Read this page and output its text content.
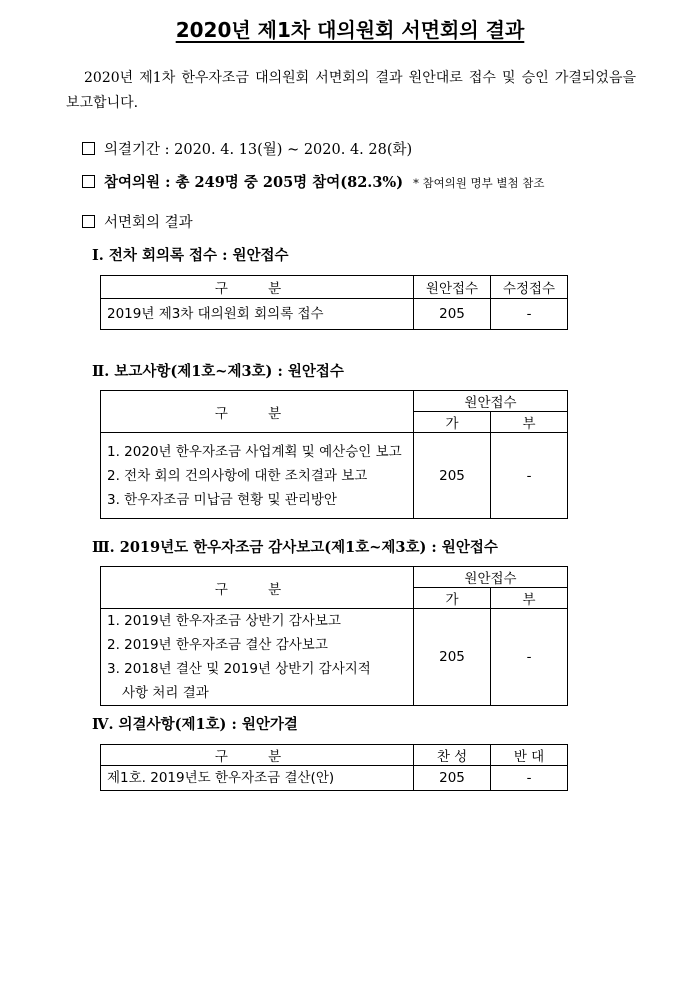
2020년 제1차 대의원회 서면회의 결과
2020년 제1차 한우자조금 대의원회 서면회의 결과 원안대로 접수 및 승인 가결되었음을 보고합니다.
의결기간 : 2020. 4. 13(월) ~ 2020. 4. 28(화)
참여의원 : 총 249명 중 205명 참여(82.3%) * 참여의원 명부 별첨 참조
서면회의 결과
Ⅰ. 전차 회의록 접수 : 원안접수
구 분	원안접수	수정접수

2019년 제3차 대의원회 회의록 접수	205	-
Ⅱ. 보고사항(제1호~제3호) : 원안접수
구 분	원안접수	
	가	부

1. 2020년 한우자조금 사업계획 및 예산승인 보고
2. 전차 회의 건의사항에 대한 조치결과 보고
3. 한우자조금 미납금 현황 및 관리방안	205	-
Ⅲ. 2019년도 한우자조금 감사보고(제1호~제3호) : 원안접수
구 분	원안접수	
	가	부

1. 2019년 한우자조금 상반기 감사보고
2. 2019년 한우자조금 결산 감사보고
3. 2018년 결산 및 2019년 상반기 감사지적
사항 처리 결과	205	-
Ⅳ. 의결사항(제1호) : 원안가결
구 분	찬 성	반 대

제1호. 2019년도 한우자조금 결산(안)	205	-
